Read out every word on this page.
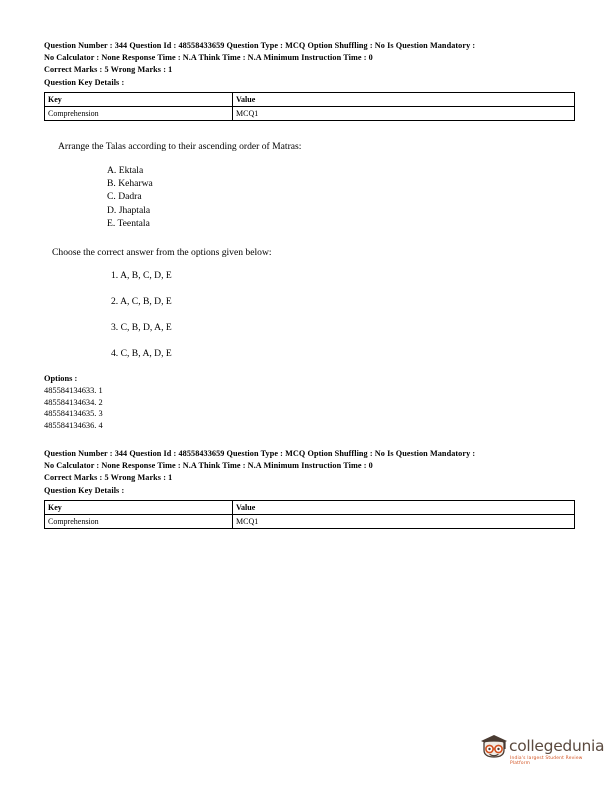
Question Number : 344 Question Id : 48558433659 Question Type : MCQ Option Shuffling : No Is Question Mandatory :
No Calculator : None Response Time : N.A Think Time : N.A Minimum Instruction Time : 0
Correct Marks : 5 Wrong Marks : 1
Question Key Details :
Key	Value
Comprehension	MCQ1
Arrange the Talas according to their ascending order of Matras:
A. Ektala
B. Keharwa
C. Dadra
D. Jhaptala
E. Teentala
Choose the correct answer from the options given below:
1. A, B, C, D, E
2. A, C, B, D, E
3. C, B, D, A, E
4. C, B, A, D, E
Options :
485584134633. 1
485584134634. 2
485584134635. 3
485584134636. 4
Question Number : 344 Question Id : 48558433659 Question Type : MCQ Option Shuffling : No Is Question Mandatory :
No Calculator : None Response Time : N.A Think Time : N.A Minimum Instruction Time : 0
Correct Marks : 5 Wrong Marks : 1
Question Key Details :
Key	Value
Comprehension	MCQ1
collegedunia
India's largest Student Review Platform
